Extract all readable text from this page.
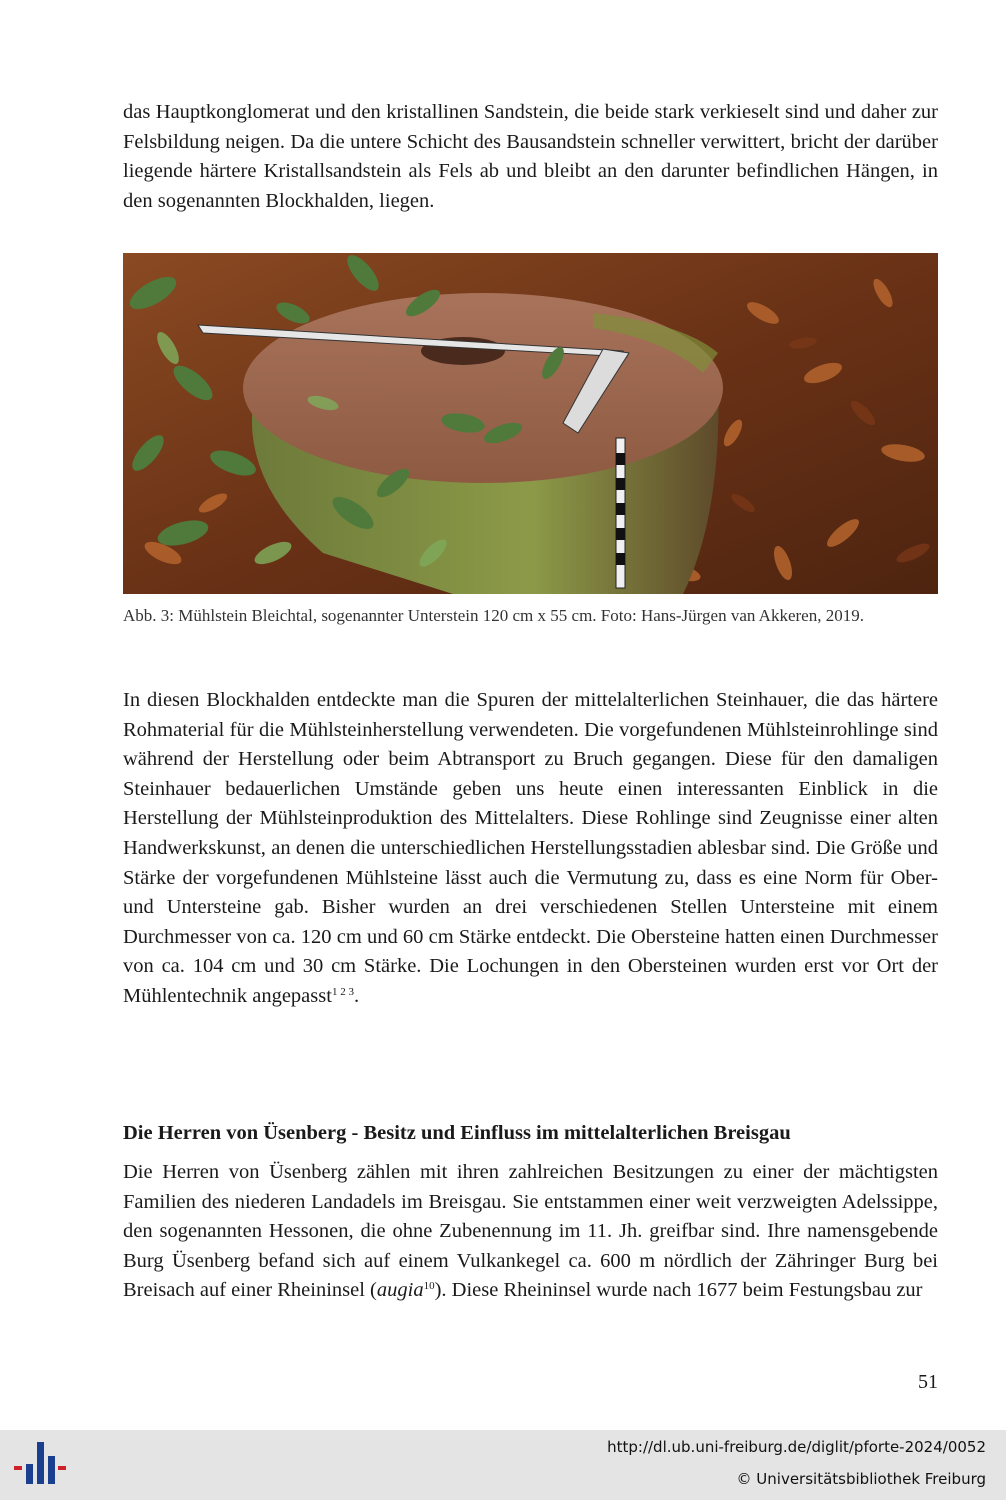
das Hauptkonglomerat und den kristallinen Sandstein, die beide stark verkieselt sind und daher zur Felsbildung neigen. Da die untere Schicht des Bausandstein schneller verwittert, bricht der darüber liegende härtere Kristallsandstein als Fels ab und bleibt an den darunter befindlichen Hängen, in den sogenannten Blockhalden, liegen.

Abb. 3: Mühlstein Bleichtal, sogenannter Unterstein 120 cm x 55 cm. Foto: Hans-Jürgen van Akkeren, 2019.

In diesen Blockhalden entdeckte man die Spuren der mittelalterlichen Steinhauer, die das härtere Rohmaterial für die Mühlsteinherstellung verwendeten. Die vorgefundenen Mühlsteinrohlinge sind während der Herstellung oder beim Abtransport zu Bruch gegangen. Diese für den damaligen Steinhauer bedauerlichen Umstände geben uns heute einen interessanten Einblick in die Herstellung der Mühlsteinproduktion des Mittelalters. Diese Rohlinge sind Zeugnisse einer alten Handwerkskunst, an denen die unterschiedlichen Herstellungsstadien ablesbar sind. Die Größe und Stärke der vorgefundenen Mühlsteine lässt auch die Vermutung zu, dass es eine Norm für Ober- und Untersteine gab. Bisher wurden an drei verschiedenen Stellen Untersteine mit einem Durchmesser von ca. 120 cm und 60 cm Stärke entdeckt. Die Obersteine hatten einen Durchmesser von ca. 104 cm und 30 cm Stärke. Die Lochungen in den Obersteinen wurden erst vor Ort der Mühlentechnik angepasst$^{1 2 3}$.

Die Herren von Üsenberg - Besitz und Einfluss im mittelalterlichen Breisgau

Die Herren von Üsenberg zählen mit ihren zahlreichen Besitzungen zu einer der mächtigsten Familien des niederen Landadels im Breisgau. Sie entstammen einer weit verzweigten Adelssippe, den sogenannten Hessonen, die ohne Zubenennung im 11. Jh. greifbar sind. Ihre namensgebende Burg Üsenberg befand sich auf einem Vulkankegel ca. 600 m nördlich der Zähringer Burg bei Breisach auf einer Rheininsel (augia$^{10}$). Diese Rheininsel wurde nach 1677 beim Festungsbau zur

51
http://dl.ub.uni-freiburg.de/diglit/pforte-2024/0052
© Universitätsbibliothek Freiburg
